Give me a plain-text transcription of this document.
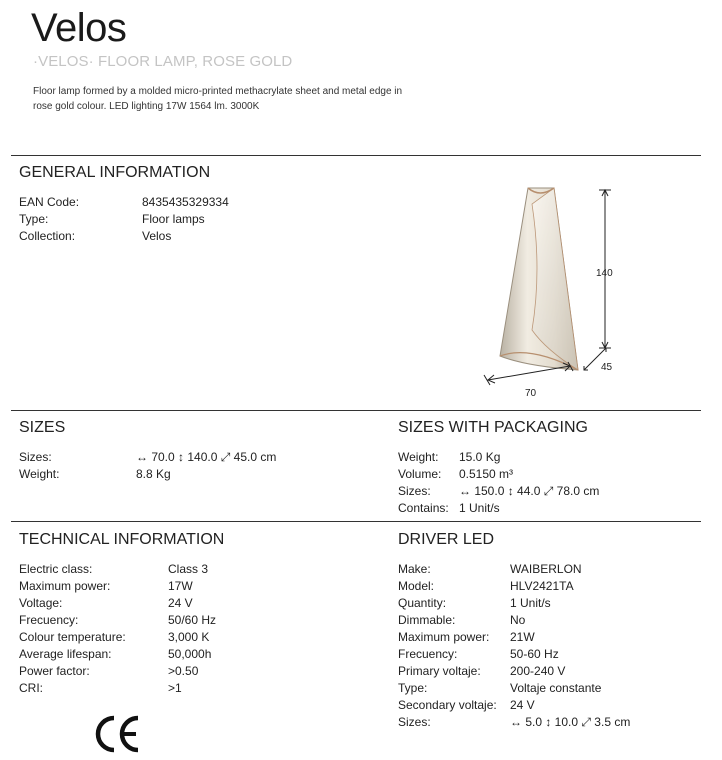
Velos
·VELOS· FLOOR LAMP, ROSE GOLD

Floor lamp formed by a molded micro-printed methacrylate sheet and metal edge in rose gold colour. LED lighting 17W 1564 lm. 3000K

GENERAL INFORMATION
EAN Code:	8435435329334
Type:	Floor lamps
Collection:	Velos
140
45
70
SIZES
Sizes:	↔ 70.0 ↕ 140.0 ⤢ 45.0 cm
Weight:	8.8 Kg
SIZES WITH PACKAGING
Weight: 15.0 Kg
Volume: 0.5150 m³
Sizes: ↔ 150.0 ↕ 44.0 ⤢ 78.0 cm
Contains: 1 Unit/s
TECHNICAL INFORMATION
Electric class:	Class 3
Maximum power:	17W
Voltage:	24 V
Frecuency:	50/60 Hz
Colour temperature:	3,000 K
Average lifespan:	50,000h
Power factor:	>0.50
CRI:	>1
DRIVER LED
Make:	WAIBERLON
Model:	HLV2421TA
Quantity:	1 Unit/s
Dimmable:	No
Maximum power: 21W
Frecuency:	50-60 Hz
Primary voltaje: 200-240 V
Type:	Voltaje constante
Secondary voltaje: 24 V
Sizes:	↔ 5.0 ↕ 10.0 ⤢ 3.5 cm
